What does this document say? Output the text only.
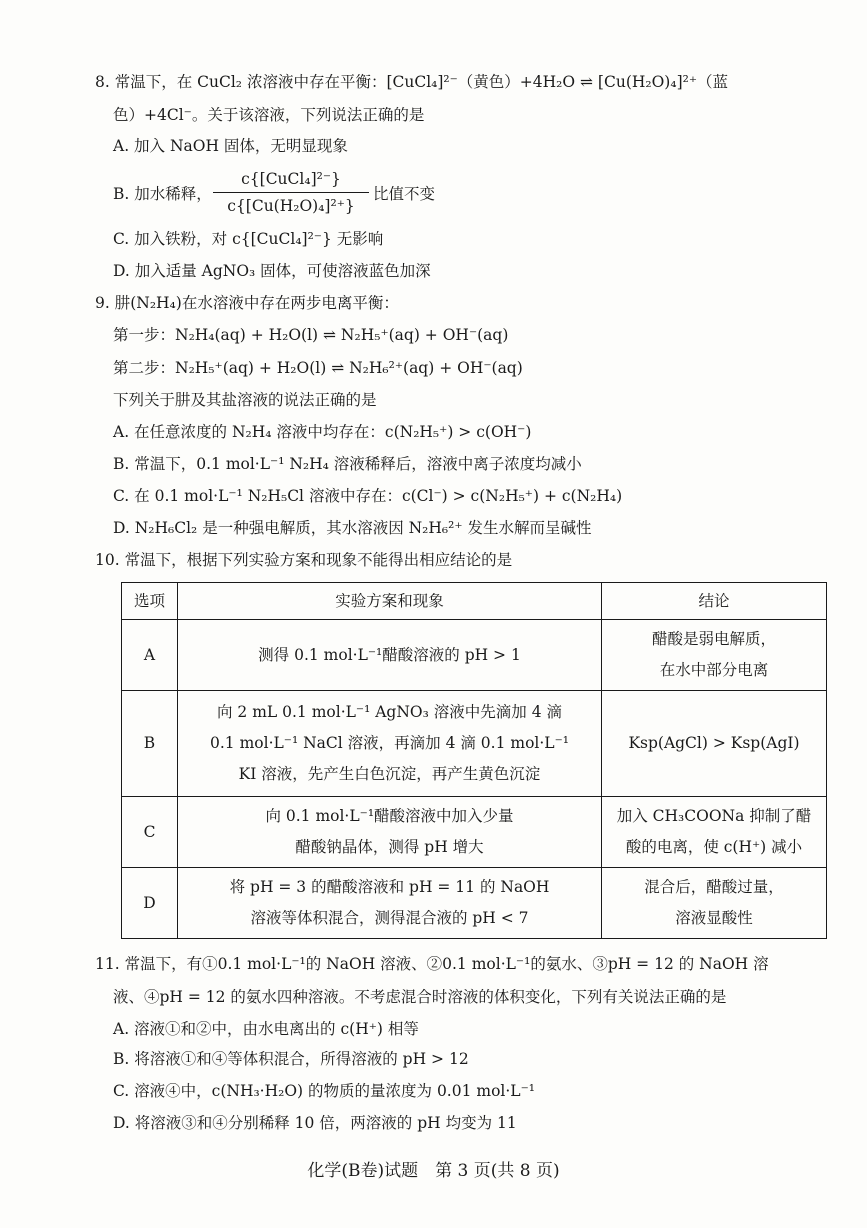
8. 常温下，在 CuCl₂ 浓溶液中存在平衡：[CuCl₄]²⁻（黄色）+4H₂O ⇌ [Cu(H₂O)₄]²⁺（蓝
色）+4Cl⁻。关于该溶液，下列说法正确的是
A. 加入 NaOH 固体，无明显现象
B. 加水稀释，
c{[CuCl₄]²⁻}
c{[Cu(H₂O)₄]²⁺}
比值不变
C. 加入铁粉，对 c{[CuCl₄]²⁻} 无影响
D. 加入适量 AgNO₃ 固体，可使溶液蓝色加深
9. 肼(N₂H₄)在水溶液中存在两步电离平衡：
第一步：N₂H₄(aq) + H₂O(l) ⇌ N₂H₅⁺(aq) + OH⁻(aq)
第二步：N₂H₅⁺(aq) + H₂O(l) ⇌ N₂H₆²⁺(aq) + OH⁻(aq)
下列关于肼及其盐溶液的说法正确的是
A. 在任意浓度的 N₂H₄ 溶液中均存在：c(N₂H₅⁺) > c(OH⁻)
B. 常温下，0.1 mol·L⁻¹ N₂H₄ 溶液稀释后，溶液中离子浓度均减小
C. 在 0.1 mol·L⁻¹ N₂H₅Cl 溶液中存在：c(Cl⁻) > c(N₂H₅⁺) + c(N₂H₄)
D. N₂H₆Cl₂ 是一种强电解质，其水溶液因 N₂H₆²⁺ 发生水解而呈碱性
10. 常温下，根据下列实验方案和现象不能得出相应结论的是
选项	实验方案和现象	结论
A	测得 0.1 mol·L⁻¹醋酸溶液的 pH > 1	醋酸是弱电解质，
在水中部分电离

B	向 2 mL 0.1 mol·L⁻¹ AgNO₃ 溶液中先滴加 4 滴
0.1 mol·L⁻¹ NaCl 溶液，再滴加 4 滴 0.1 mol·L⁻¹
KI 溶液，先产生白色沉淀，再产生黄色沉淀	Ksp(AgCl) > Ksp(AgI)

C	向 0.1 mol·L⁻¹醋酸溶液中加入少量
醋酸钠晶体，测得 pH 增大	加入 CH₃COONa 抑制了醋
酸的电离，使 c(H⁺) 减小

D	将 pH = 3 的醋酸溶液和 pH = 11 的 NaOH
溶液等体积混合，测得混合液的 pH < 7	混合后，醋酸过量，
溶液显酸性
11. 常温下，有①0.1 mol·L⁻¹的 NaOH 溶液、②0.1 mol·L⁻¹的氨水、③pH = 12 的 NaOH 溶
液、④pH = 12 的氨水四种溶液。不考虑混合时溶液的体积变化，下列有关说法正确的是
A. 溶液①和②中，由水电离出的 c(H⁺) 相等
B. 将溶液①和④等体积混合，所得溶液的 pH > 12
C. 溶液④中，c(NH₃·H₂O) 的物质的量浓度为 0.01 mol·L⁻¹
D. 将溶液③和④分别稀释 10 倍，两溶液的 pH 均变为 11
化学(B卷)试题　第 3 页(共 8 页)
